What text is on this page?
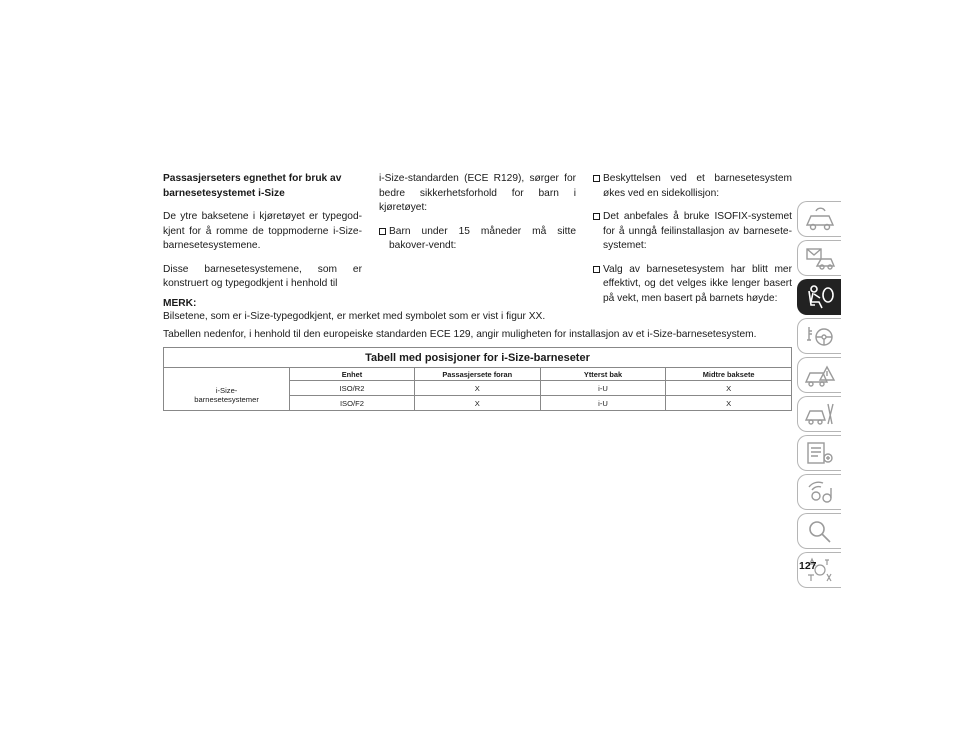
Passasjerseters egnethet for bruk av barnesetesystemet i-Size

De ytre baksetene i kjøretøyet er typegod-kjent for å romme de toppmoderne i-Size-barnesetesystemene.

Disse barnesetesystemene, som er konstruert og typegodkjent i henhold til

i-Size-standarden (ECE R129), sørger for bedre sikkerhetsforhold for barn i kjøretøyet:

Barn under 15 måneder må sitte bakover-vendt:
Beskyttelsen ved et barnesetesystem økes ved en sidekollisjon:
Det anbefales å bruke ISOFIX-systemet for å unngå feilinstallasjon av barnesete-systemet:
Valg av barnesetesystem har blitt mer effektivt, og det velges ikke lenger basert på vekt, men basert på barnets høyde:
MERK:
Bilsetene, som er i-Size-typegodkjent, er merket med symbolet som er vist i figur XX.
Tabellen nedenfor, i henhold til den europeiske standarden ECE 129, angir muligheten for installasjon av et i-Size-barnesetesystem.
Tabell med posisjoner for i-Size-barneseter				
	Enhet	Passasjersete foran	Ytterst bak	Midtre baksete

i-Size-
barnesetesystemer	ISO/R2	X	i-U	X
	ISO/F2	X	i-U	X
127
